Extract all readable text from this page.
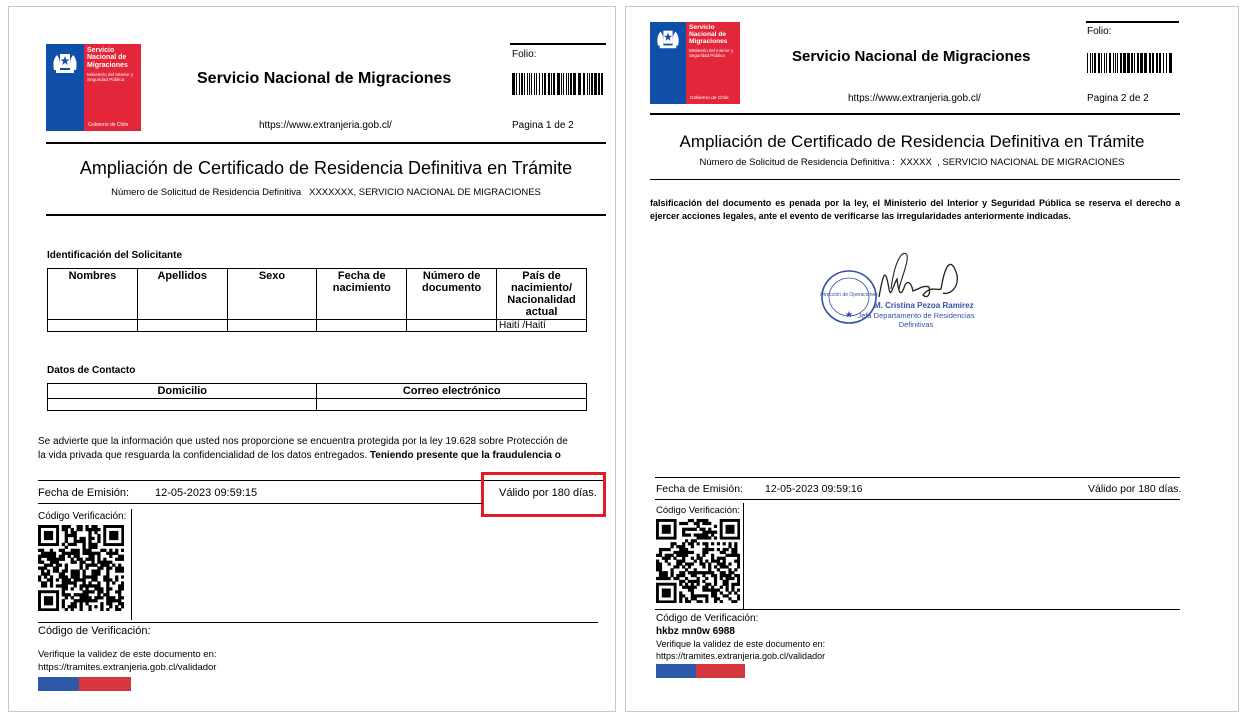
Servicio Nacional de Migraciones
Ministerio del Interior y Seguridad Pública
Gobierno de Chile
Servicio Nacional de Migraciones
https://www.extranjeria.gob.cl/
Folio:
Pagina 1 de 2
Ampliación de Certificado de Residencia Definitiva en Trámite
Número de Solicitud de Residencia Definitiva   XXXXXXX, SERVICIO NACIONAL DE MIGRACIONES
Identificación del Solicitante
Nombres	Apellidos	Sexo	Fecha de nacimiento	Número de documento	País de nacimiento/ Nacionalidad actual
					Haití /Haití
Datos de Contacto
Domicilio	Correo electrónico

Se advierte que la información que usted nos proporcione se encuentra protegida por la ley 19.628 sobre Protección de la vida privada que resguarda la confidencialidad de los datos entregados. Teniendo presente que la fraudulencia o
Fecha de Emisión: 12-05-2023 09:59:15	Válido por 180 días.
Código Verificación:
Código de Verificación:
Verifique la validez de este documento en:
https://tramites.extranjeria.gob.cl/validador
Servicio Nacional de Migraciones
Ministerio del Interior y Seguridad Pública
Gobierno de Chile
Servicio Nacional de Migraciones
https://www.extranjeria.gob.cl/
Folio:
Pagina 2 de 2
Ampliación de Certificado de Residencia Definitiva en Trámite
Número de Solicitud de Residencia Definitiva :  XXXXX  , SERVICIO NACIONAL DE MIGRACIONES
falsificación del documento es penada por la ley, el Ministerio del Interior y Seguridad Pública se reserva el derecho a ejercer acciones legales, ante el evento de verificarse las irregularidades anteriormente indicadas.
Dirección de Operaciones
M. Cristina Pezoa Ramírez
Jefa Departamento de Residencias Definitivas
Fecha de Emisión: 12-05-2023 09:59:16	Válido por 180 días.
Código Verificación:
Código de Verificación:
hkbz mn0w 6988
Verifique la validez de este documento en:
https://tramites.extranjeria.gob.cl/validador
